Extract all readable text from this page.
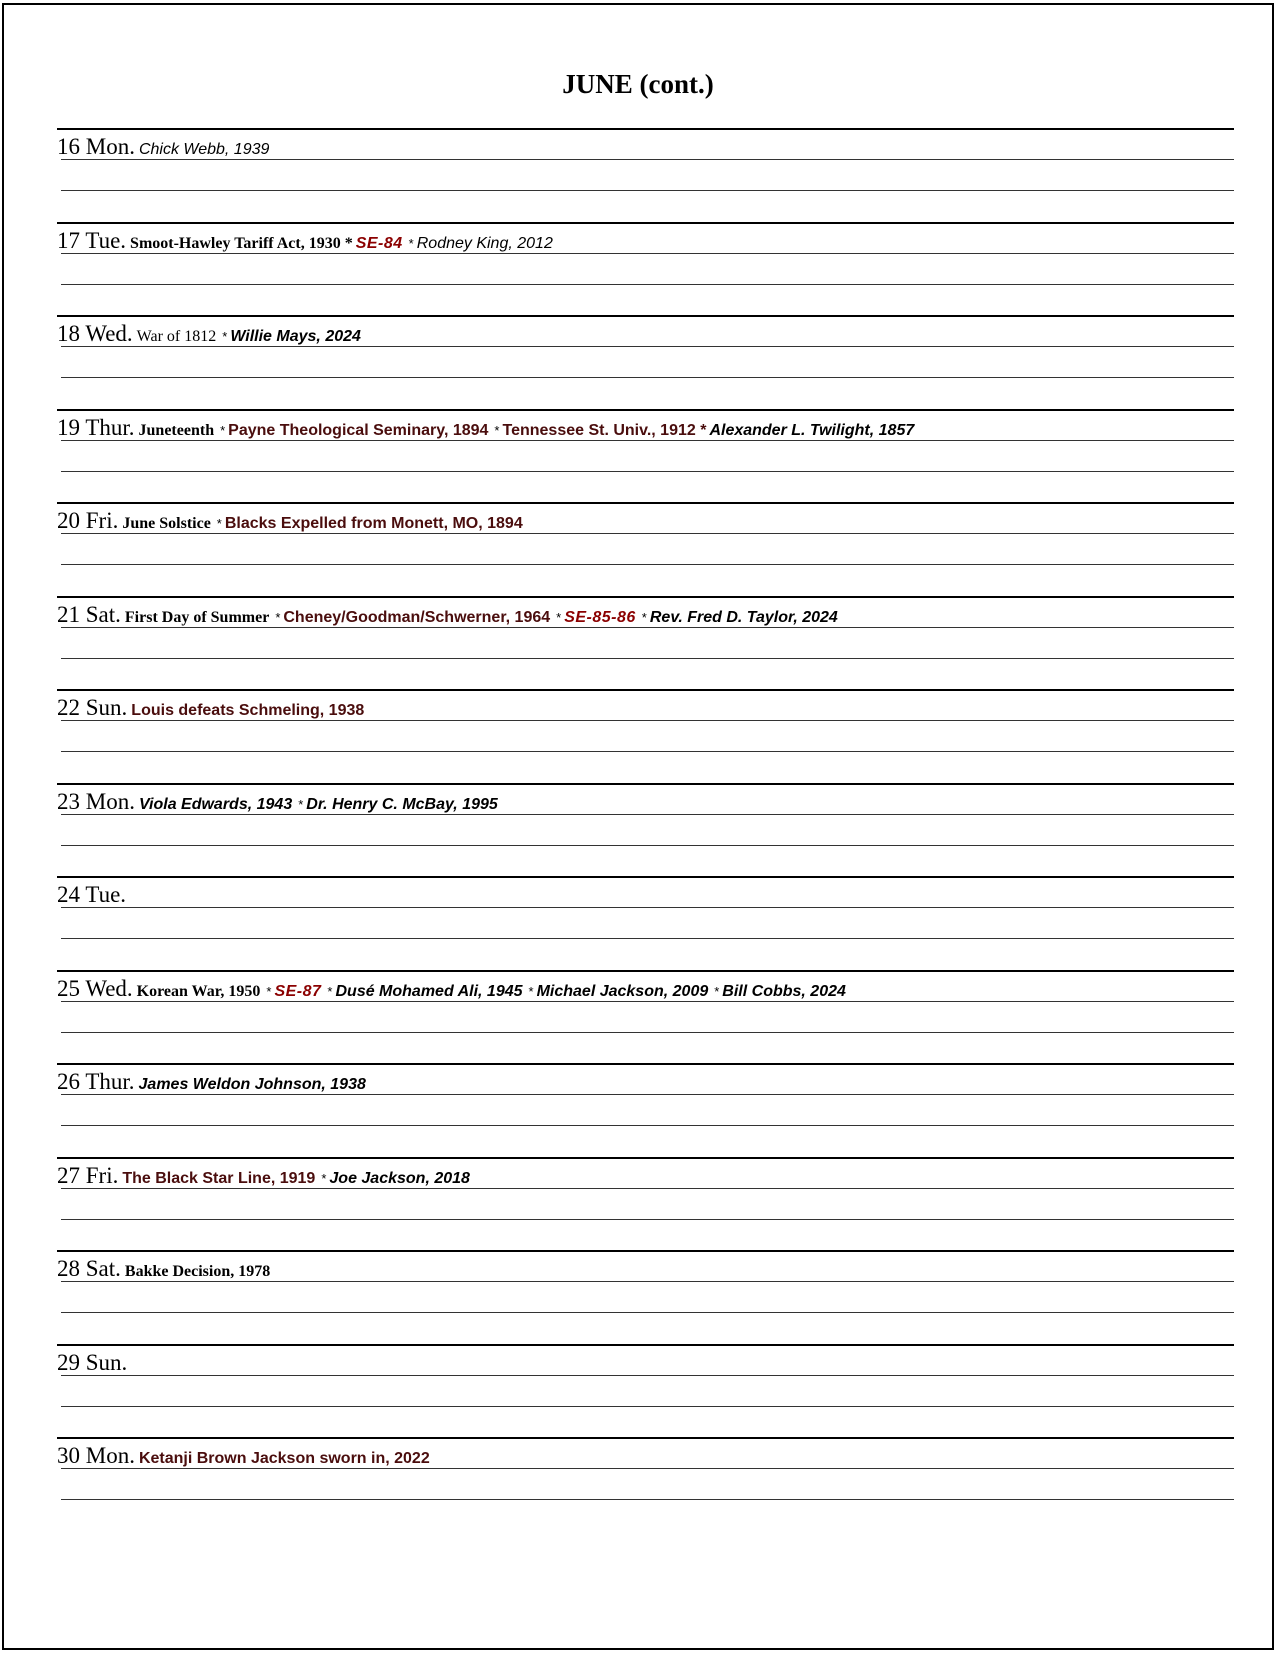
JUNE (cont.)
16 Mon. Chick Webb, 1939
17 Tue. Smoot-Hawley Tariff Act, 1930 * SE-84 * Rodney King, 2012
18 Wed. War of 1812 * Willie Mays, 2024
19 Thur. Juneteenth * Payne Theological Seminary, 1894 * Tennessee St. Univ., 1912 * Alexander L. Twilight, 1857
20 Fri. June Solstice * Blacks Expelled from Monett, MO, 1894
21 Sat. First Day of Summer * Cheney/Goodman/Schwerner, 1964 * SE-85-86 * Rev. Fred D. Taylor, 2024
22 Sun. Louis defeats Schmeling, 1938
23 Mon. Viola Edwards, 1943 * Dr. Henry C. McBay, 1995
24 Tue.
25 Wed. Korean War, 1950 * SE-87 * Dusé Mohamed Ali, 1945 * Michael Jackson, 2009 * Bill Cobbs, 2024
26 Thur. James Weldon Johnson, 1938
27 Fri. The Black Star Line, 1919 * Joe Jackson, 2018
28 Sat. Bakke Decision, 1978
29 Sun.
30 Mon. Ketanji Brown Jackson sworn in, 2022
